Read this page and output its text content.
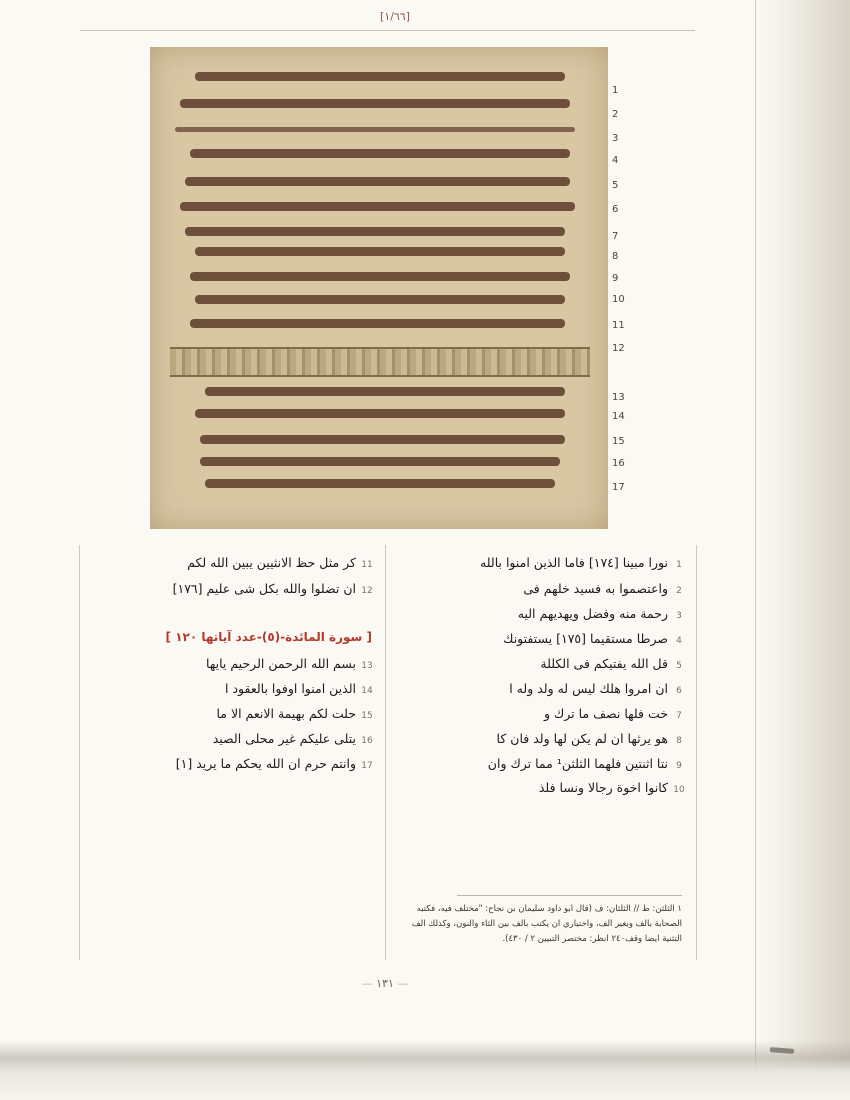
[١/٦٦]
1
2
3
4
5
6
7
8
9
10
11
12
13
14
15
16
17
1نورا مبينا [١٧٤] فاما الذين امنوا بالله
2واعتصموا به فسيد خلهم فى
3رحمة منه وفضل ويهديهم اليه
4صرطا مستقيما [١٧٥] يستفتونك
5قل الله يفتيكم فى الكللة
6ان امروا هلك ليس له ولد وله ا
7خت فلها نصف ما ترك و
8هو يرثها ان لم يكن لها ولد فان كا
9نتا اثنتين فلهما الثلثن¹ مما ترك وان
10كانوا اخوة رجالا ونسا فلذ
11كر مثل حظ الانثيين يبين الله لكم
12ان تضلوا والله بكل شى عليم [١٧٦]
[ سورة المائدة-(٥)-عدد آياتها ١٢٠ ]
13بسم الله الرحمن الرحيم يايها
14الذين امنوا اوفوا بالعقود ا
15حلت لكم بهيمة الانعم الا ما
16يتلى عليكم غير محلى الصيد
17وانتم حرم ان الله يحكم ما يريد [١]
١ الثلثن: ط // الثلثان: ف (قال ابو داود سليمان بن نجاح: "مختلف فيه، فكتبه الصحابة بالف وبغير الف، واختياري ان يكتب بالف بين الثاء والنون، وكذلك الف التثنية ايضا وقف٢٤٠ انظر: مختصر التبيين ٢ / ٤٣٠).
— ١٣١ —
